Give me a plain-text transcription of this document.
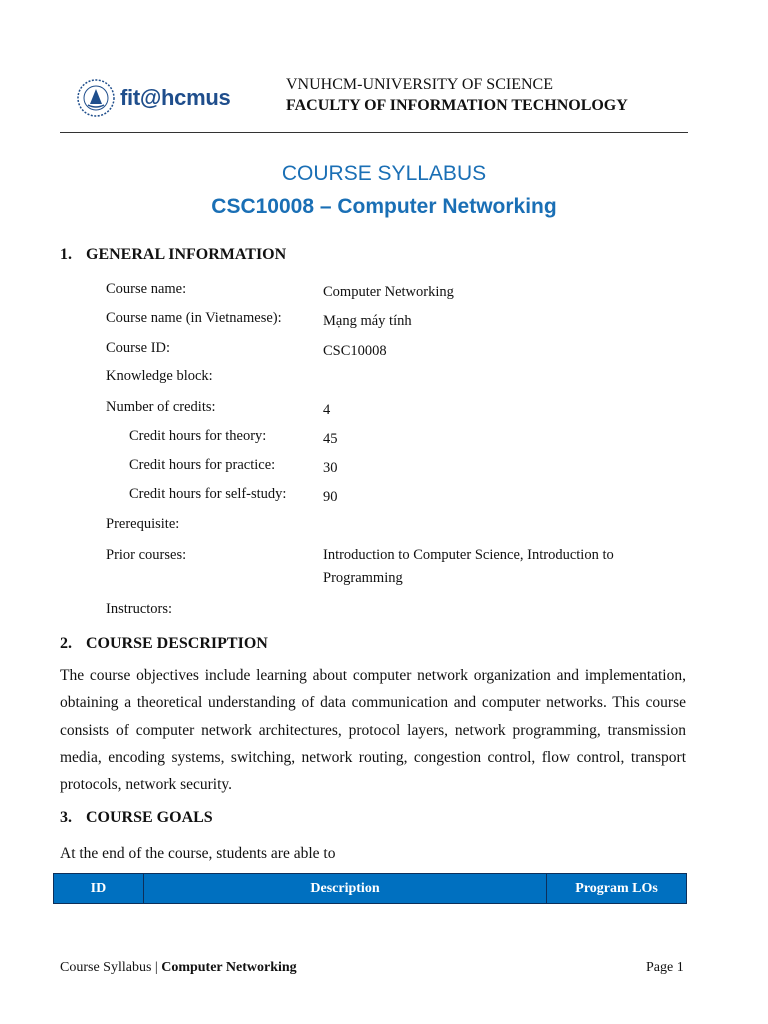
fit@hcmus
VNUHCM-UNIVERSITY OF SCIENCE
FACULTY OF INFORMATION TECHNOLOGY
COURSE SYLLABUS
CSC10008 – Computer Networking
1. GENERAL INFORMATION
Course name:	Computer Networking
Course name (in Vietnamese):	Mạng máy tính
Course ID:	CSC10008
Knowledge block:
Number of credits:	4
Credit hours for theory:	45
Credit hours for practice:	30
Credit hours for self-study:	90
Prerequisite:
Prior courses:	Introduction to Computer Science, Introduction to Programming
Instructors:
2. COURSE DESCRIPTION

The course objectives include learning about computer network organization and implementation, obtaining a theoretical understanding of data communication and computer networks. This course consists of computer network architectures, protocol layers, network programming, transmission media, encoding systems, switching, network routing, congestion control, flow control, transport protocols, network security.

3. COURSE GOALS
At the end of the course, students are able to
ID	Description	Program LOs
Course Syllabus | Computer Networking	Page 1
